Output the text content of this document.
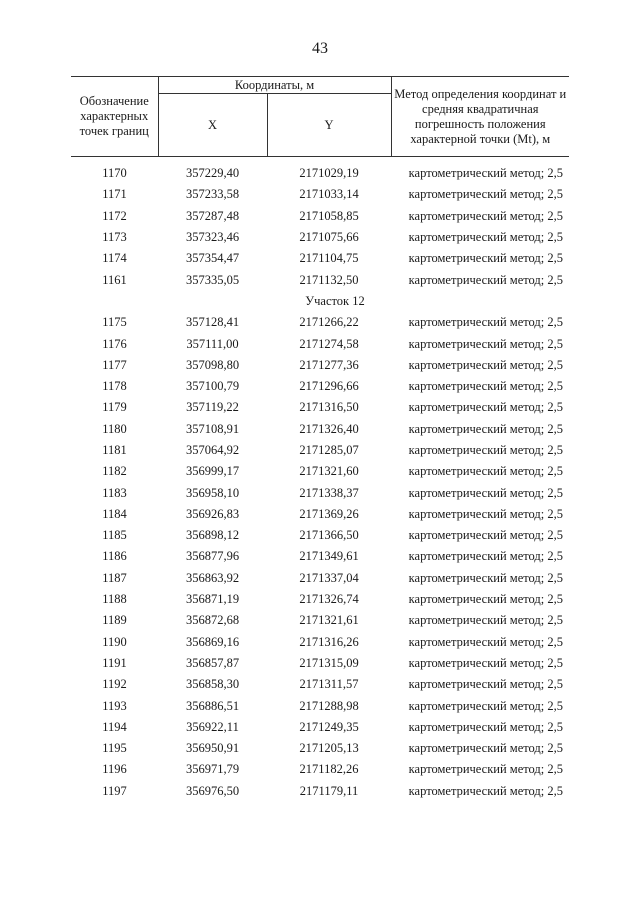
43
Обозначение характерных точек границ	Координаты, м		Метод определения координат и средняя квадратичная погрешность положения характерной точки (Mt), м
	X	Y	

1170	357229,40	2171029,19	картометрический метод; 2,5
1171	357233,58	2171033,14	картометрический метод; 2,5
1172	357287,48	2171058,85	картометрический метод; 2,5
1173	357323,46	2171075,66	картометрический метод; 2,5
1174	357354,47	2171104,75	картометрический метод; 2,5
1161	357335,05	2171132,50	картометрический метод; 2,5
Участок 12			
1175	357128,41	2171266,22	картометрический метод; 2,5
1176	357111,00	2171274,58	картометрический метод; 2,5
1177	357098,80	2171277,36	картометрический метод; 2,5
1178	357100,79	2171296,66	картометрический метод; 2,5
1179	357119,22	2171316,50	картометрический метод; 2,5
1180	357108,91	2171326,40	картометрический метод; 2,5
1181	357064,92	2171285,07	картометрический метод; 2,5
1182	356999,17	2171321,60	картометрический метод; 2,5
1183	356958,10	2171338,37	картометрический метод; 2,5
1184	356926,83	2171369,26	картометрический метод; 2,5
1185	356898,12	2171366,50	картометрический метод; 2,5
1186	356877,96	2171349,61	картометрический метод; 2,5
1187	356863,92	2171337,04	картометрический метод; 2,5
1188	356871,19	2171326,74	картометрический метод; 2,5
1189	356872,68	2171321,61	картометрический метод; 2,5
1190	356869,16	2171316,26	картометрический метод; 2,5
1191	356857,87	2171315,09	картометрический метод; 2,5
1192	356858,30	2171311,57	картометрический метод; 2,5
1193	356886,51	2171288,98	картометрический метод; 2,5
1194	356922,11	2171249,35	картометрический метод; 2,5
1195	356950,91	2171205,13	картометрический метод; 2,5
1196	356971,79	2171182,26	картометрический метод; 2,5
1197	356976,50	2171179,11	картометрический метод; 2,5
